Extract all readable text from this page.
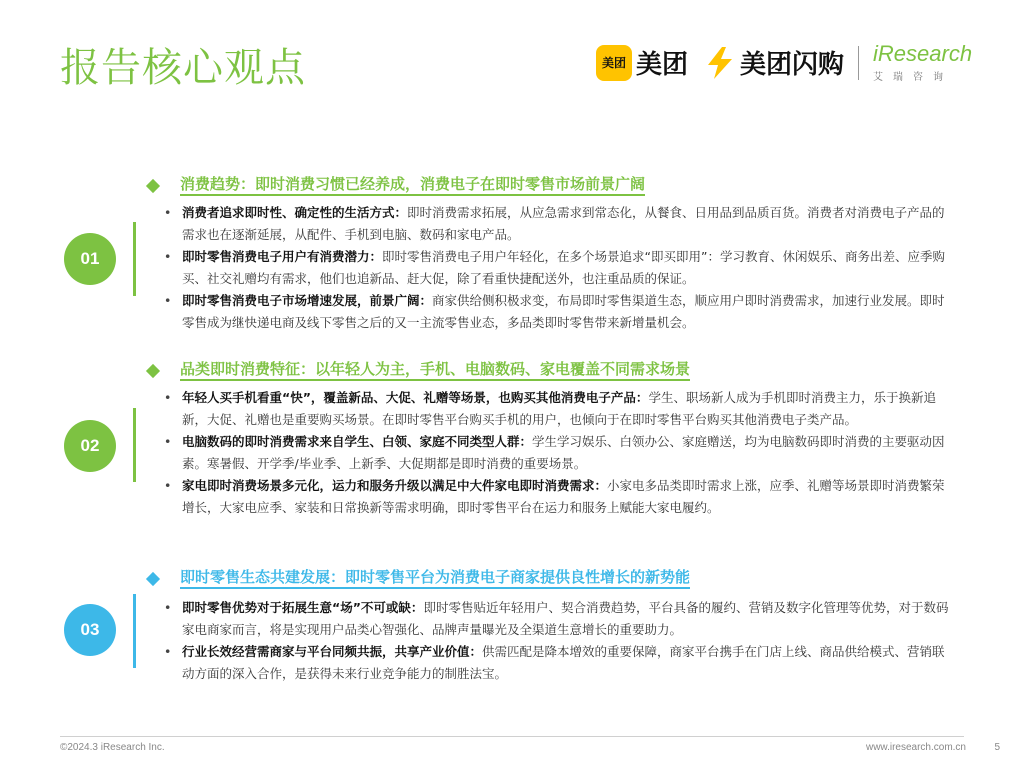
报告核心观点	美团 美团 美团闪购 iResearch
艾瑞咨询
消费趋势：即时消费习惯已经养成，消费电子在即时零售市场前景广阔
01
• 消费者追求即时性、确定性的生活方式：即时消费需求拓展，从应急需求到常态化，从餐食、日用品到品质百货。消费者对消费电子产品的需求也在逐渐延展，从配件、手机到电脑、数码和家电产品。
• 即时零售消费电子用户有消费潜力：即时零售消费电子用户年轻化，在多个场景追求“即买即用”：学习教育、休闲娱乐、商务出差、应季购买、社交礼赠均有需求，他们也追新品、赶大促，除了看重快捷配送外，也注重品质的保证。
• 即时零售消费电子市场增速发展，前景广阔：商家供给侧积极求变，布局即时零售渠道生态，顺应用户即时消费需求，加速行业发展。即时零售成为继快递电商及线下零售之后的又一主流零售业态，多品类即时零售带来新增量机会。
品类即时消费特征：以年轻人为主，手机、电脑数码、家电覆盖不同需求场景
02
• 年轻人买手机看重“快”，覆盖新品、大促、礼赠等场景，也购买其他消费电子产品：学生、职场新人成为手机即时消费主力，乐于换新追新，大促、礼赠也是重要购买场景。在即时零售平台购买手机的用户，也倾向于在即时零售平台购买其他消费电子类产品。
• 电脑数码的即时消费需求来自学生、白领、家庭不同类型人群：学生学习娱乐、白领办公、家庭赠送，均为电脑数码即时消费的主要驱动因素。寒暑假、开学季/毕业季、上新季、大促期都是即时消费的重要场景。
• 家电即时消费场景多元化，运力和服务升级以满足中大件家电即时消费需求：小家电多品类即时需求上涨，应季、礼赠等场景即时消费繁荣增长，大家电应季、家装和日常换新等需求明确，即时零售平台在运力和服务上赋能大家电履约。
即时零售生态共建发展：即时零售平台为消费电子商家提供良性增长的新势能
03
• 即时零售优势对于拓展生意“场”不可或缺：即时零售贴近年轻用户、契合消费趋势，平台具备的履约、营销及数字化管理等优势，对于数码家电商家而言，将是实现用户品类心智强化、品牌声量曝光及全渠道生意增长的重要助力。
• 行业长效经营需商家与平台同频共振，共享产业价值：供需匹配是降本增效的重要保障，商家平台携手在门店上线、商品供给模式、营销联动方面的深入合作，是获得未来行业竞争能力的制胜法宝。
©2024.3 iResearch Inc.	www.iresearch.com.cn	5
